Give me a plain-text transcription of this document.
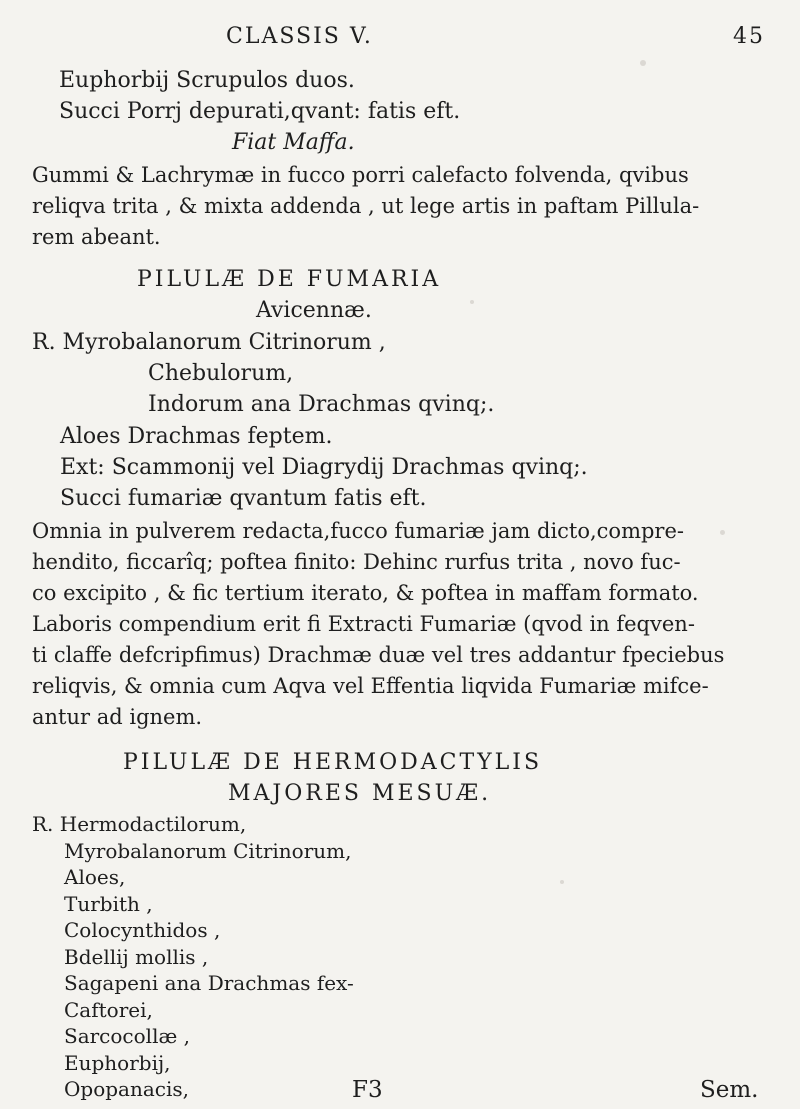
CLASSIS V.	45
Euphorbij Scrupulos duos.
Succi Porrj depurati,qvant: fatis eft.
Fiat Maffa.
Gummi & Lachrymæ in fucco porri calefacto folvenda, qvibus
reliqva trita , & mixta addenda , ut lege artis in paftam Pillula-
rem abeant.
PILULÆ DE FUMARIA
Avicennæ.
R. Myrobalanorum Citrinorum ,
Chebulorum,
Indorum ana Drachmas qvinq;.
Aloes Drachmas feptem.
Ext: Scammonij vel Diagrydij Drachmas qvinq;.
Succi fumariæ qvantum fatis eft.
Omnia in pulverem redacta,fucco fumariæ jam dicto,compre-
hendito, ficcarîq; poftea finito: Dehinc rurfus trita , novo fuc-
co excipito , & fic tertium iterato, & poftea in maffam formato.
Laboris compendium erit fi Extracti Fumariæ (qvod in feqven-
ti claffe defcripfimus) Drachmæ duæ vel tres addantur fpeciebus
reliqvis, & omnia cum Aqva vel Effentia liqvida Fumariæ mifce-
antur ad ignem.
PILULÆ DE HERMODACTYLIS
MAJORES MESUÆ.
R. Hermodactilorum,
Myrobalanorum Citrinorum,
Aloes,
Turbith ,
Colocynthidos ,
Bdellij mollis ,
Sagapeni ana Drachmas fex-
Caftorei,
Sarcocollæ ,
Euphorbij,
Opopanacis,	F3	Sem.
